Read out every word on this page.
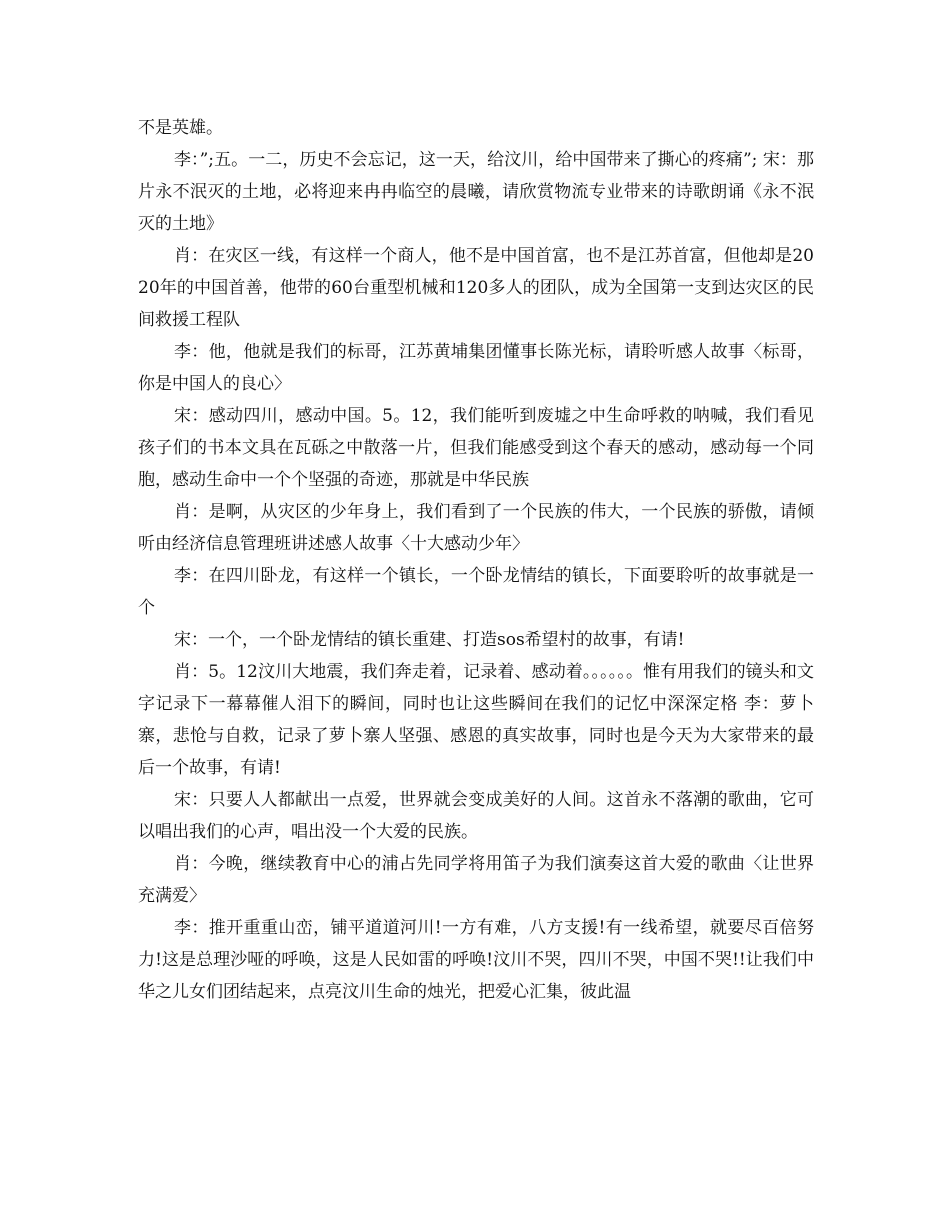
不是英雄。

李：”;五。一二，历史不会忘记，这一天，给汶川，给中国带来了撕心的疼痛”; 宋：那片永不泯灭的土地，必将迎来冉冉临空的晨曦，请欣赏物流专业带来的诗歌朗诵《永不泯灭的土地》

肖：在灾区一线，有这样一个商人，他不是中国首富，也不是江苏首富，但他却是2020年的中国首善，他带的60台重型机械和120多人的团队，成为全国第一支到达灾区的民间救援工程队

李：他，他就是我们的标哥，江苏黄埔集团懂事长陈光标，请聆听感人故事〈标哥，你是中国人的良心〉

宋：感动四川，感动中国。5。12，我们能听到废墟之中生命呼救的呐喊，我们看见孩子们的书本文具在瓦砾之中散落一片，但我们能感受到这个春天的感动，感动每一个同胞，感动生命中一个个坚强的奇迹，那就是中华民族

肖：是啊，从灾区的少年身上，我们看到了一个民族的伟大，一个民族的骄傲，请倾听由经济信息管理班讲述感人故事〈十大感动少年〉

李：在四川卧龙，有这样一个镇长，一个卧龙情结的镇长，下面要聆听的故事就是一个

宋：一个，一个卧龙情结的镇长重建、打造sos希望村的故事，有请!

肖：5。12汶川大地震，我们奔走着，记录着、感动着。。。。。。惟有用我们的镜头和文字记录下一幕幕催人泪下的瞬间，同时也让这些瞬间在我们的记忆中深深定格 李：萝卜寨，悲怆与自救，记录了萝卜寨人坚强、感恩的真实故事，同时也是今天为大家带来的最后一个故事，有请!

宋：只要人人都献出一点爱，世界就会变成美好的人间。这首永不落潮的歌曲，它可以唱出我们的心声，唱出没一个大爱的民族。

肖：今晚，继续教育中心的浦占先同学将用笛子为我们演奏这首大爱的歌曲〈让世界充满爱〉

李：推开重重山峦，铺平道道河川!一方有难，八方支援!有一线希望，就要尽百倍努力!这是总理沙哑的呼唤，这是人民如雷的呼唤!汶川不哭，四川不哭，中国不哭!!让我们中华之儿女们团结起来，点亮汶川生命的烛光，把爱心汇集，彼此温
